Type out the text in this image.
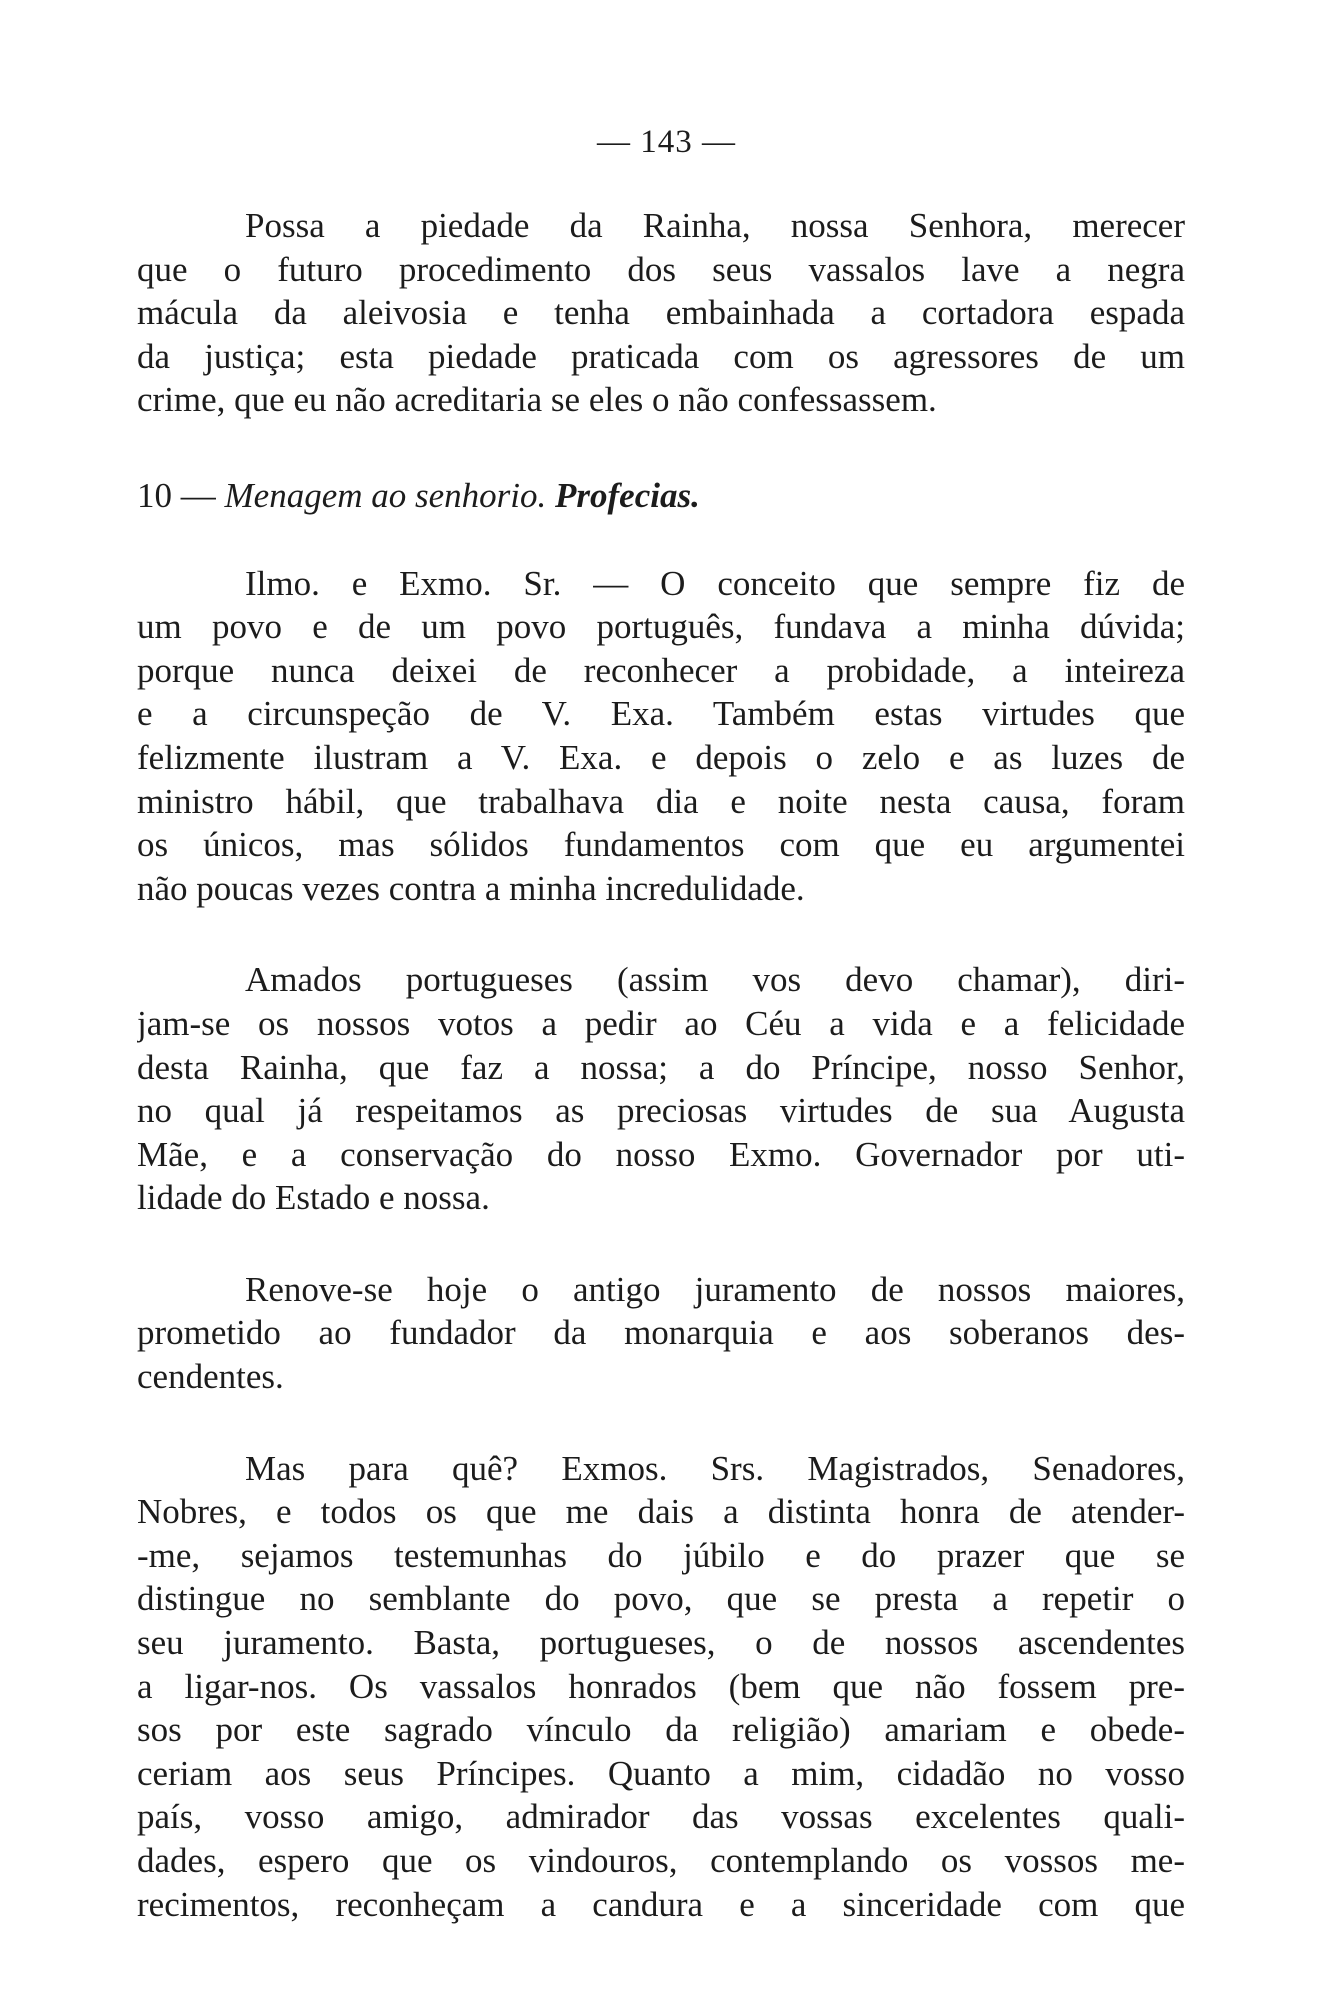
— 143 —
Possa a piedade da Rainha, nossa Senhora, merecer
que o futuro procedimento dos seus vassalos lave a negra
mácula da aleivosia e tenha embainhada a cortadora espada
da justiça; esta piedade praticada com os agressores de um
crime, que eu não acreditaria se eles o não confessassem.
10 — Menagem ao senhorio. Profecias.
Ilmo. e Exmo. Sr. — O conceito que sempre fiz de
um povo e de um povo português, fundava a minha dúvida;
porque nunca deixei de reconhecer a probidade, a inteireza
e a circunspeção de V. Exa. Também estas virtudes que
felizmente ilustram a V. Exa. e depois o zelo e as luzes de
ministro hábil, que trabalhava dia e noite nesta causa, foram
os únicos, mas sólidos fundamentos com que eu argumentei
não poucas vezes contra a minha incredulidade.
Amados portugueses (assim vos devo chamar), diri-
jam-se os nossos votos a pedir ao Céu a vida e a felicidade
desta Rainha, que faz a nossa; a do Príncipe, nosso Senhor,
no qual já respeitamos as preciosas virtudes de sua Augusta
Mãe, e a conservação do nosso Exmo. Governador por uti-
lidade do Estado e nossa.
Renove-se hoje o antigo juramento de nossos maiores,
prometido ao fundador da monarquia e aos soberanos des-
cendentes.
Mas para quê? Exmos. Srs. Magistrados, Senadores,
Nobres, e todos os que me dais a distinta honra de atender-
-me, sejamos testemunhas do júbilo e do prazer que se
distingue no semblante do povo, que se presta a repetir o
seu juramento. Basta, portugueses, o de nossos ascendentes
a ligar-nos. Os vassalos honrados (bem que não fossem pre-
sos por este sagrado vínculo da religião) amariam e obede-
ceriam aos seus Príncipes. Quanto a mim, cidadão no vosso
país, vosso amigo, admirador das vossas excelentes quali-
dades, espero que os vindouros, contemplando os vossos me-
recimentos, reconheçam a candura e a sinceridade com que
